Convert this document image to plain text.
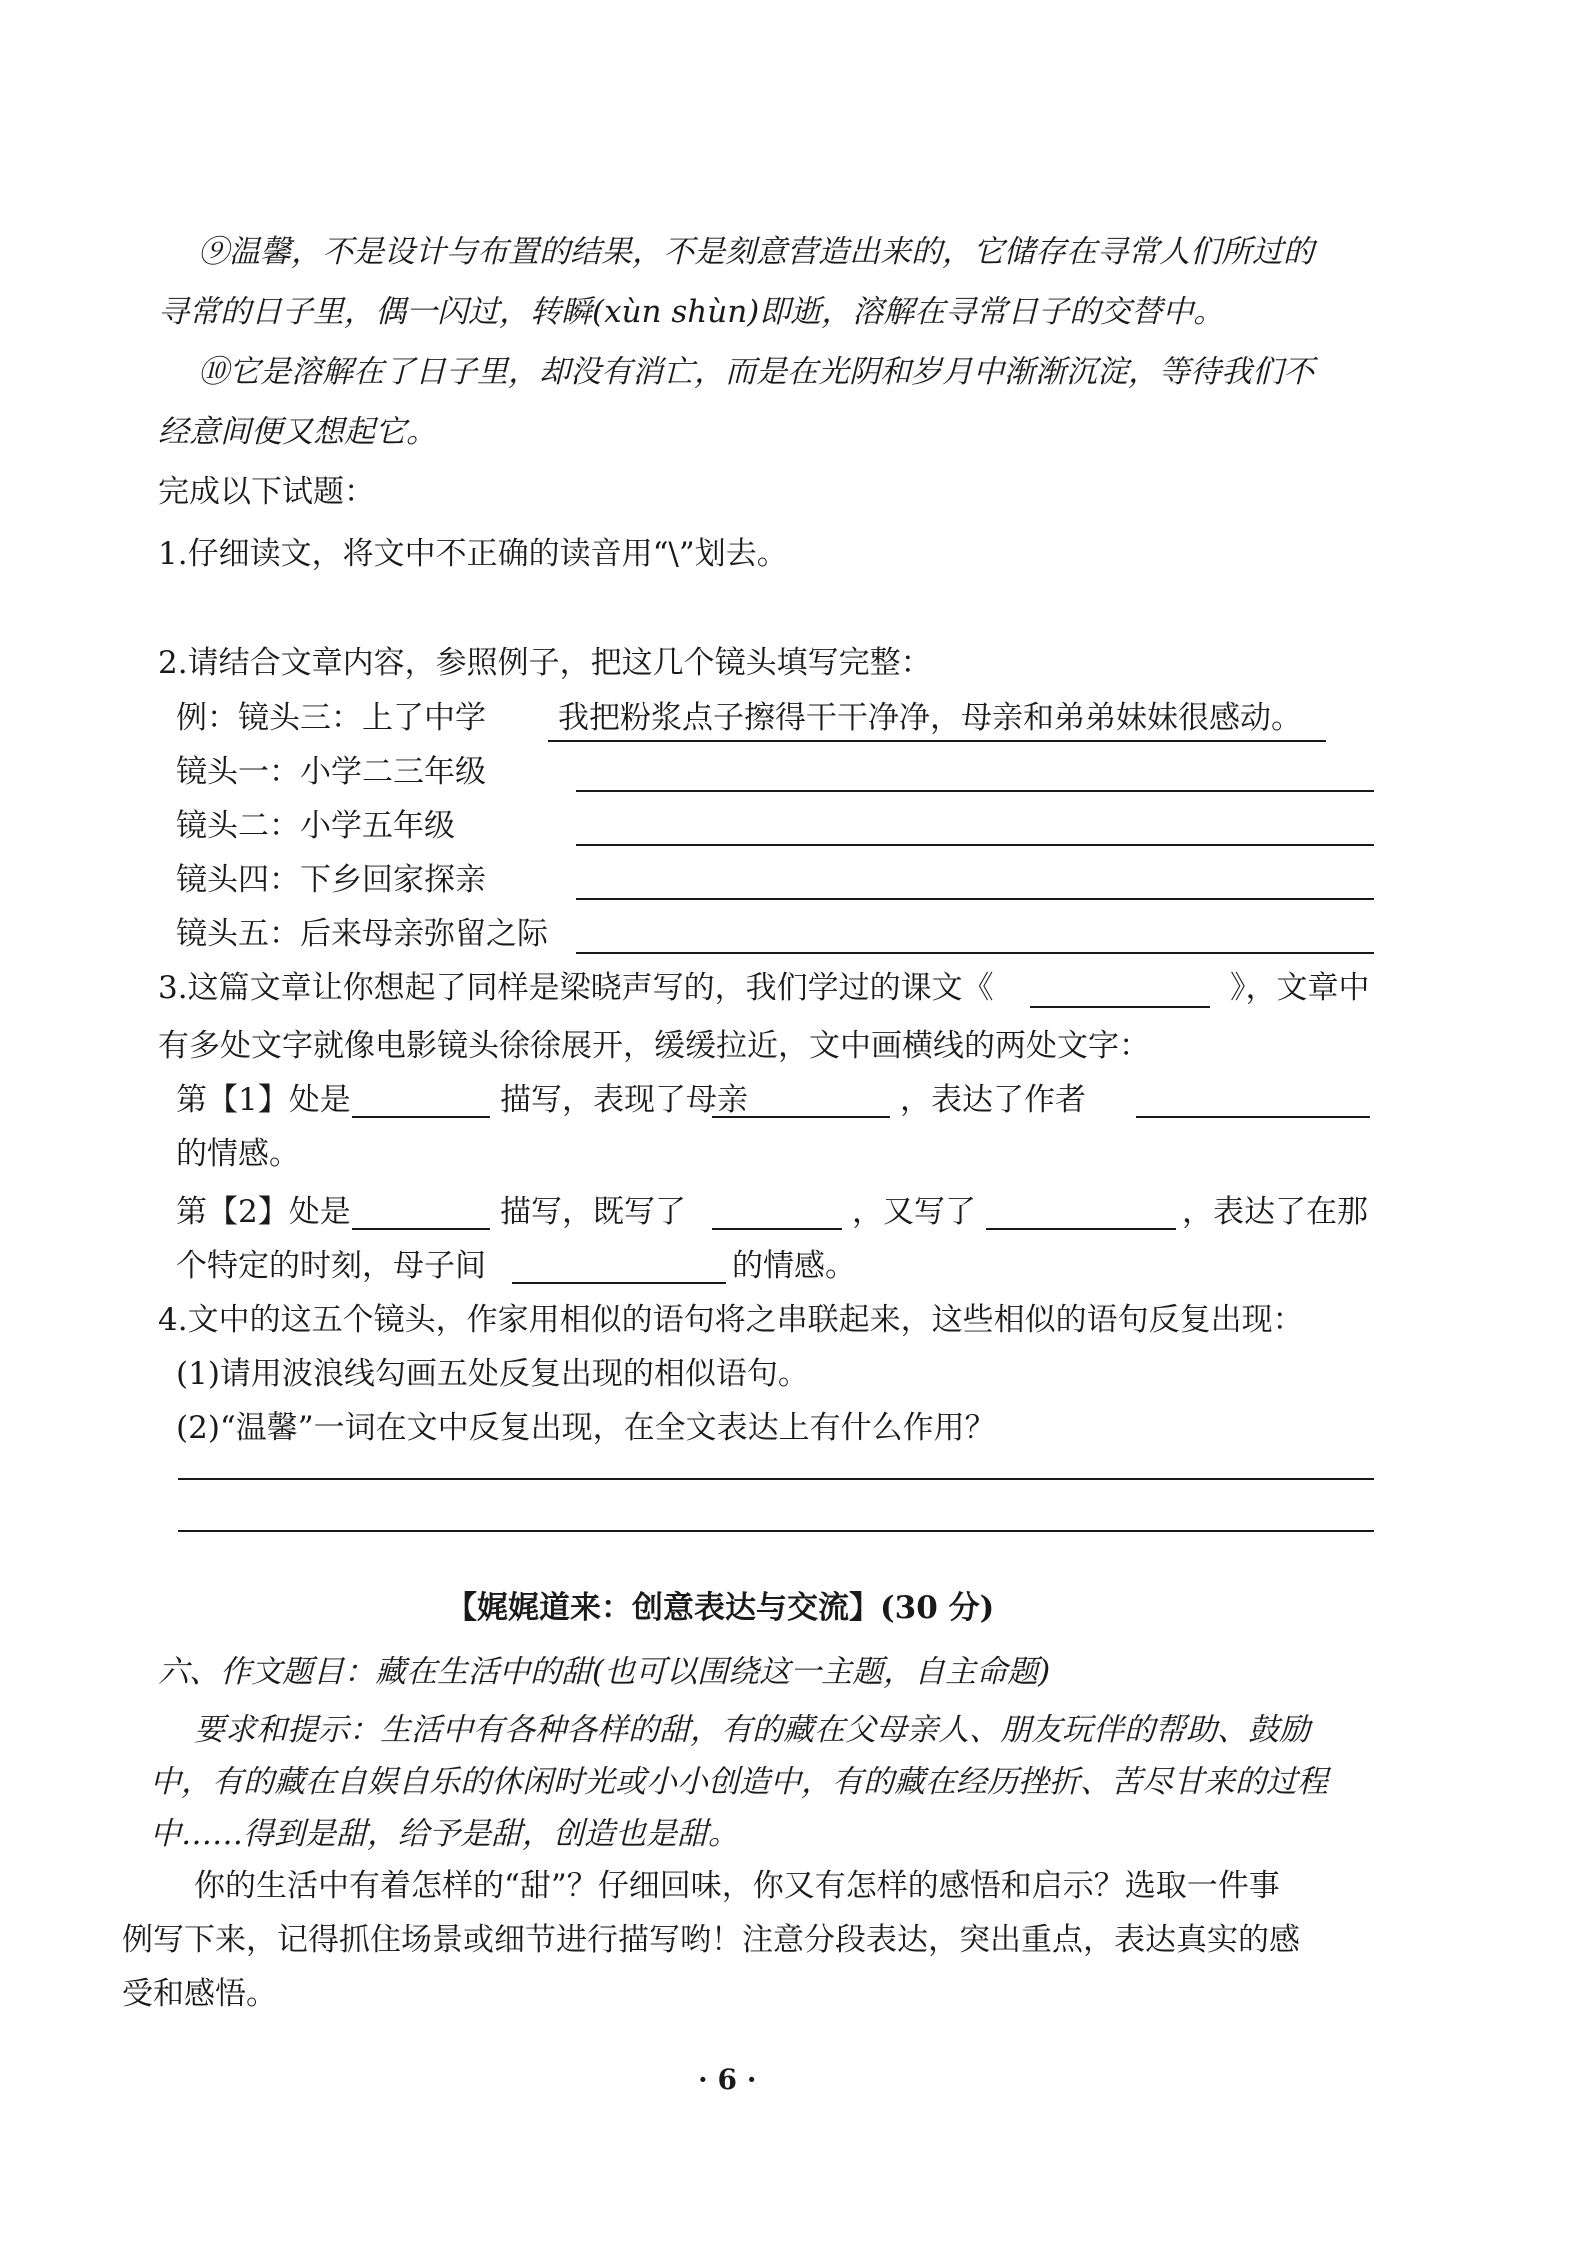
⑨温馨，不是设计与布置的结果，不是刻意营造出来的，它储存在寻常人们所过的
寻常的日子里，偶一闪过，转瞬(xùn shùn)即逝，溶解在寻常日子的交替中。
⑩它是溶解在了日子里，却没有消亡，而是在光阴和岁月中渐渐沉淀，等待我们不
经意间便又想起它。
完成以下试题：
1.仔细读文，将文中不正确的读音用“\”划去。
2.请结合文章内容，参照例子，把这几个镜头填写完整：
例：镜头三：上了中学 我把粉浆点子擦得干干净净，母亲和弟弟妹妹很感动。
镜头一：小学二三年级
镜头二：小学五年级
镜头四：下乡回家探亲
镜头五：后来母亲弥留之际
3.这篇文章让你想起了同样是梁晓声写的，我们学过的课文《	》，文章中
有多处文字就像电影镜头徐徐展开，缓缓拉近，文中画横线的两处文字：
第【1】处是	描写，表现了母亲	，表达了作者
的情感。
第【2】处是	描写，既写了	，又写了	，表达了在那
个特定的时刻，母子间	的情感。
4.文中的这五个镜头，作家用相似的语句将之串联起来，这些相似的语句反复出现：
(1)请用波浪线勾画五处反复出现的相似语句。
(2)“温馨”一词在文中反复出现，在全文表达上有什么作用？
【娓娓道来：创意表达与交流】(30 分)
六、作文题目：藏在生活中的甜(也可以围绕这一主题，自主命题)
要求和提示：生活中有各种各样的甜，有的藏在父母亲人、朋友玩伴的帮助、鼓励
中，有的藏在自娱自乐的休闲时光或小小创造中，有的藏在经历挫折、苦尽甘来的过程
中……得到是甜，给予是甜，创造也是甜。
你的生活中有着怎样的“甜”？仔细回味，你又有怎样的感悟和启示？选取一件事
例写下来，记得抓住场景或细节进行描写哟！注意分段表达，突出重点，表达真实的感
受和感悟。
· 6 ·
